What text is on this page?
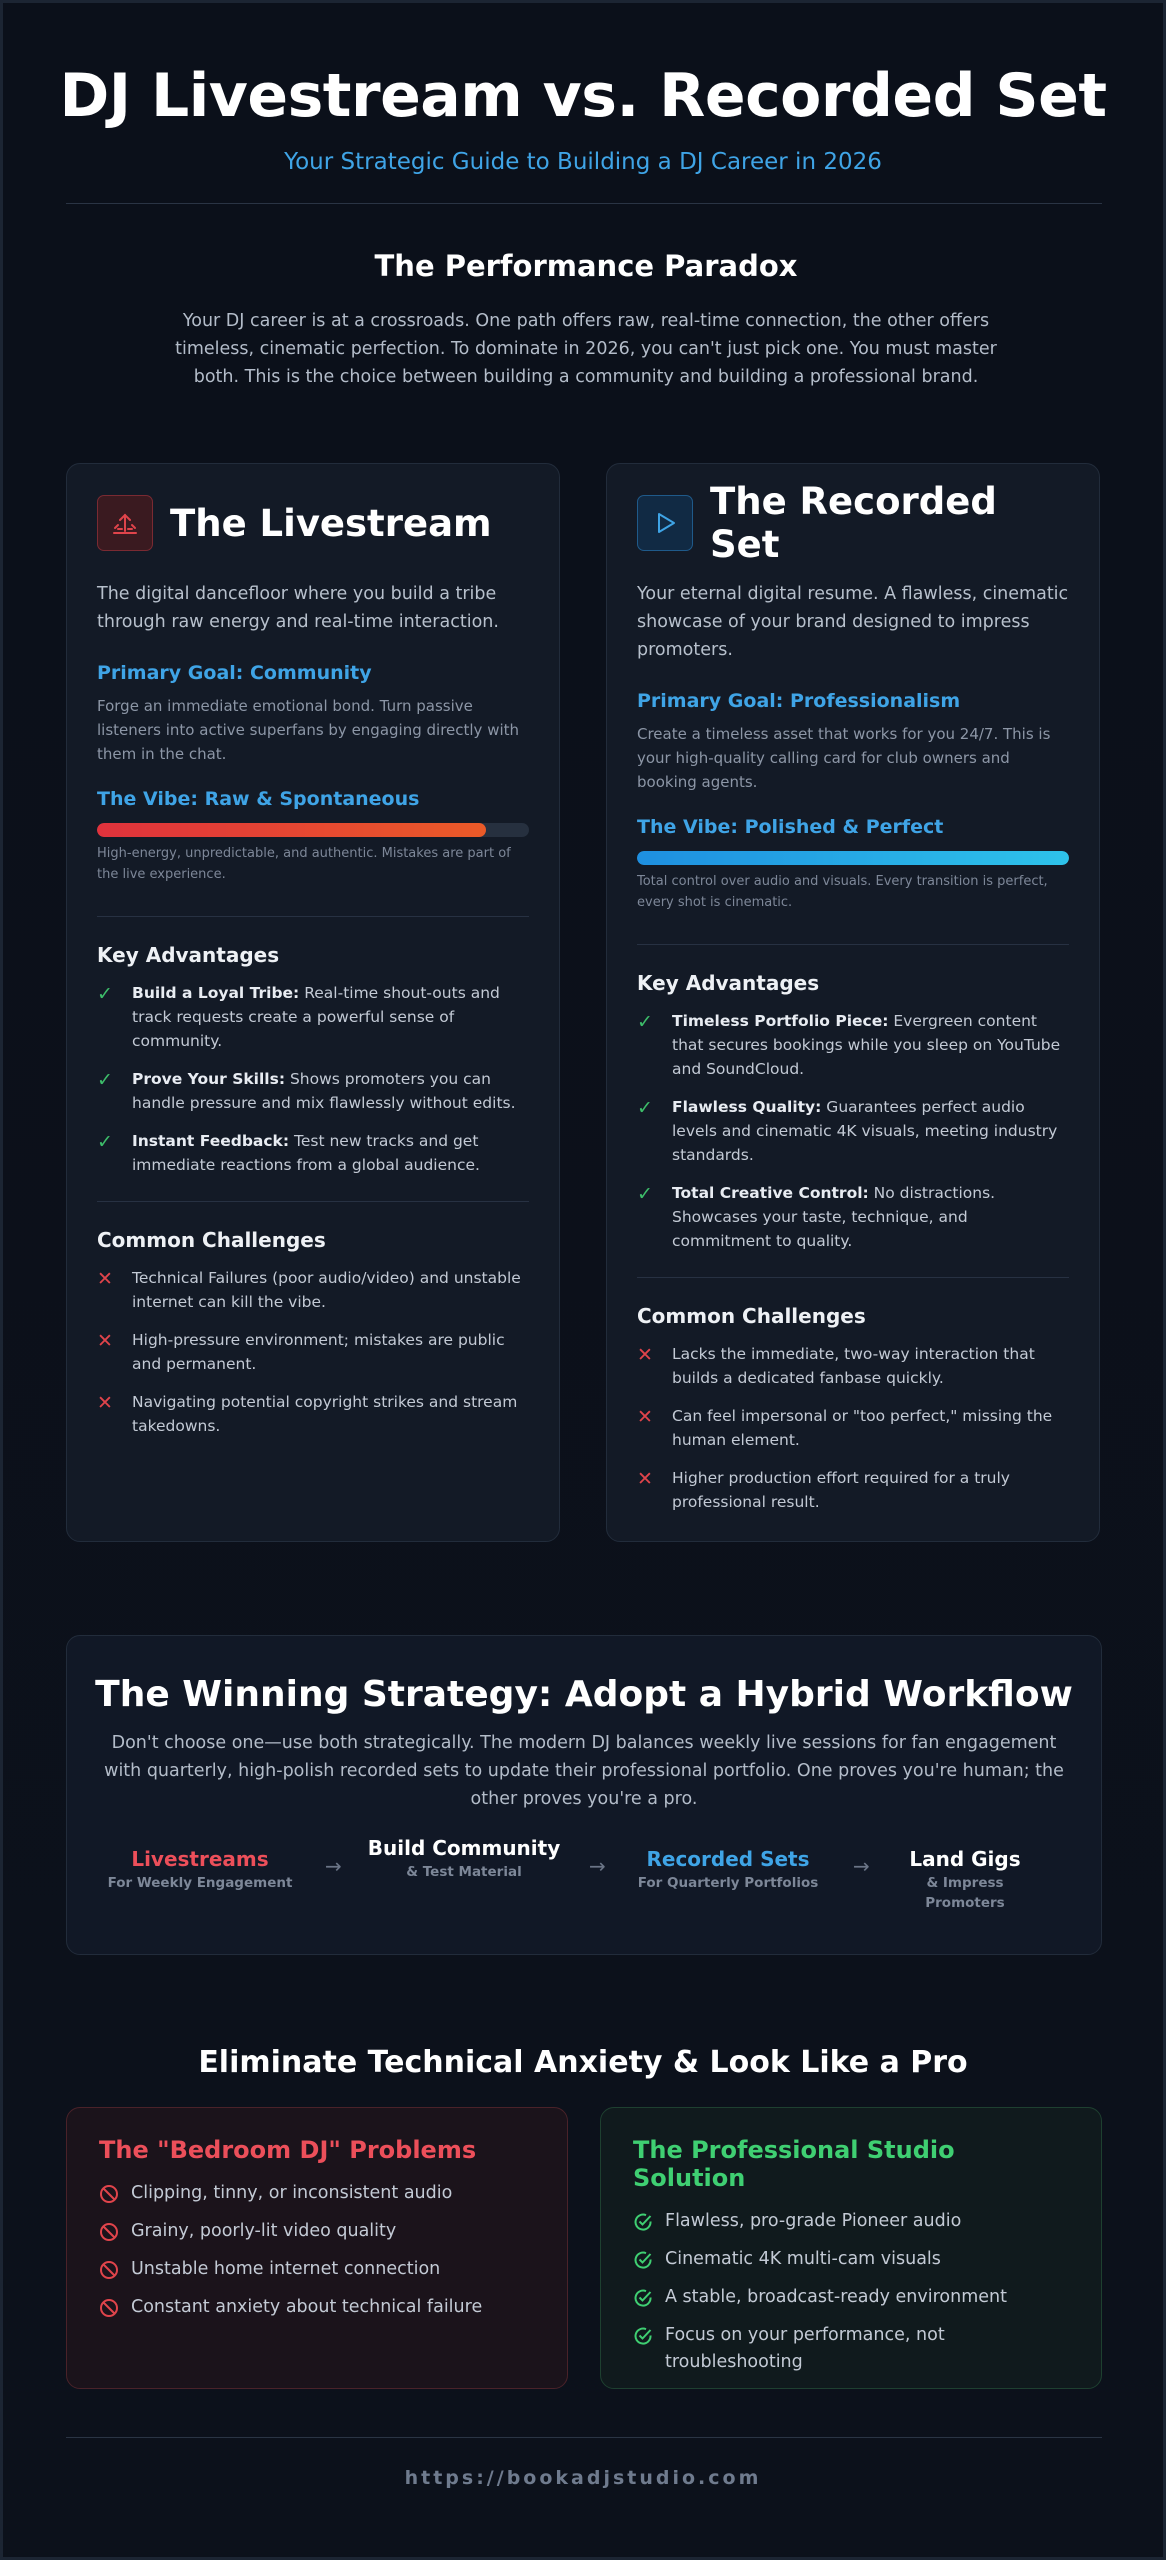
DJ Livestream vs. Recorded Set
Your Strategic Guide to Building a DJ Career in 2026
The Performance Paradox

Your DJ career is at a crossroads. One path offers raw, real-time connection, the other offers timeless, cinematic perfection. To dominate in 2026, you can't just pick one. You must master both. This is the choice between building a community and building a professional brand.

The Livestream

The digital dancefloor where you build a tribe through raw energy and real-time interaction.

Primary Goal: Community

Forge an immediate emotional bond. Turn passive listeners into active superfans by engaging directly with them in the chat.

The Vibe: Raw & Spontaneous

High-energy, unpredictable, and authentic. Mistakes are part of the live experience.

Key Advantages
✓	Build a Loyal Tribe: Real-time shout-outs and track requests create a powerful sense of community.
✓	Prove Your Skills: Shows promoters you can handle pressure and mix flawlessly without edits.
✓	Instant Feedback: Test new tracks and get immediate reactions from a global audience.
Common Challenges
✕	Technical Failures (poor audio/video) and unstable internet can kill the vibe.
✕	High-pressure environment; mistakes are public and permanent.
✕	Navigating potential copyright strikes and stream takedowns.
The Recorded Set

Your eternal digital resume. A flawless, cinematic showcase of your brand designed to impress promoters.

Primary Goal: Professionalism

Create a timeless asset that works for you 24/7. This is your high-quality calling card for club owners and booking agents.

The Vibe: Polished & Perfect

Total control over audio and visuals. Every transition is perfect, every shot is cinematic.

Key Advantages
✓	Timeless Portfolio Piece: Evergreen content that secures bookings while you sleep on YouTube and SoundCloud.
✓	Flawless Quality: Guarantees perfect audio levels and cinematic 4K visuals, meeting industry standards.
✓	Total Creative Control: No distractions. Showcases your taste, technique, and commitment to quality.
Common Challenges
✕	Lacks the immediate, two-way interaction that builds a dedicated fanbase quickly.
✕	Can feel impersonal or "too perfect," missing the human element.
✕	Higher production effort required for a truly professional result.
The Winning Strategy: Adopt a Hybrid Workflow

Don't choose one—use both strategically. The modern DJ balances weekly live sessions for fan engagement with quarterly, high-polish recorded sets to update their professional portfolio. One proves you're human; the other proves you're a pro.

Livestreams
For Weekly Engagement
→
Build Community
& Test Material	→	Recorded Sets
For Quarterly Portfolios
→	Land Gigs
& Impress Promoters
Eliminate Technical Anxiety & Look Like a Pro
The "Bedroom DJ" Problems
Clipping, tinny, or inconsistent audio
Grainy, poorly-lit video quality
Unstable home internet connection
Constant anxiety about technical failure
The Professional Studio Solution
Flawless, pro-grade Pioneer audio
Cinematic 4K multi-cam visuals
A stable, broadcast-ready environment
Focus on your performance, not troubleshooting
https://bookadjstudio.com
